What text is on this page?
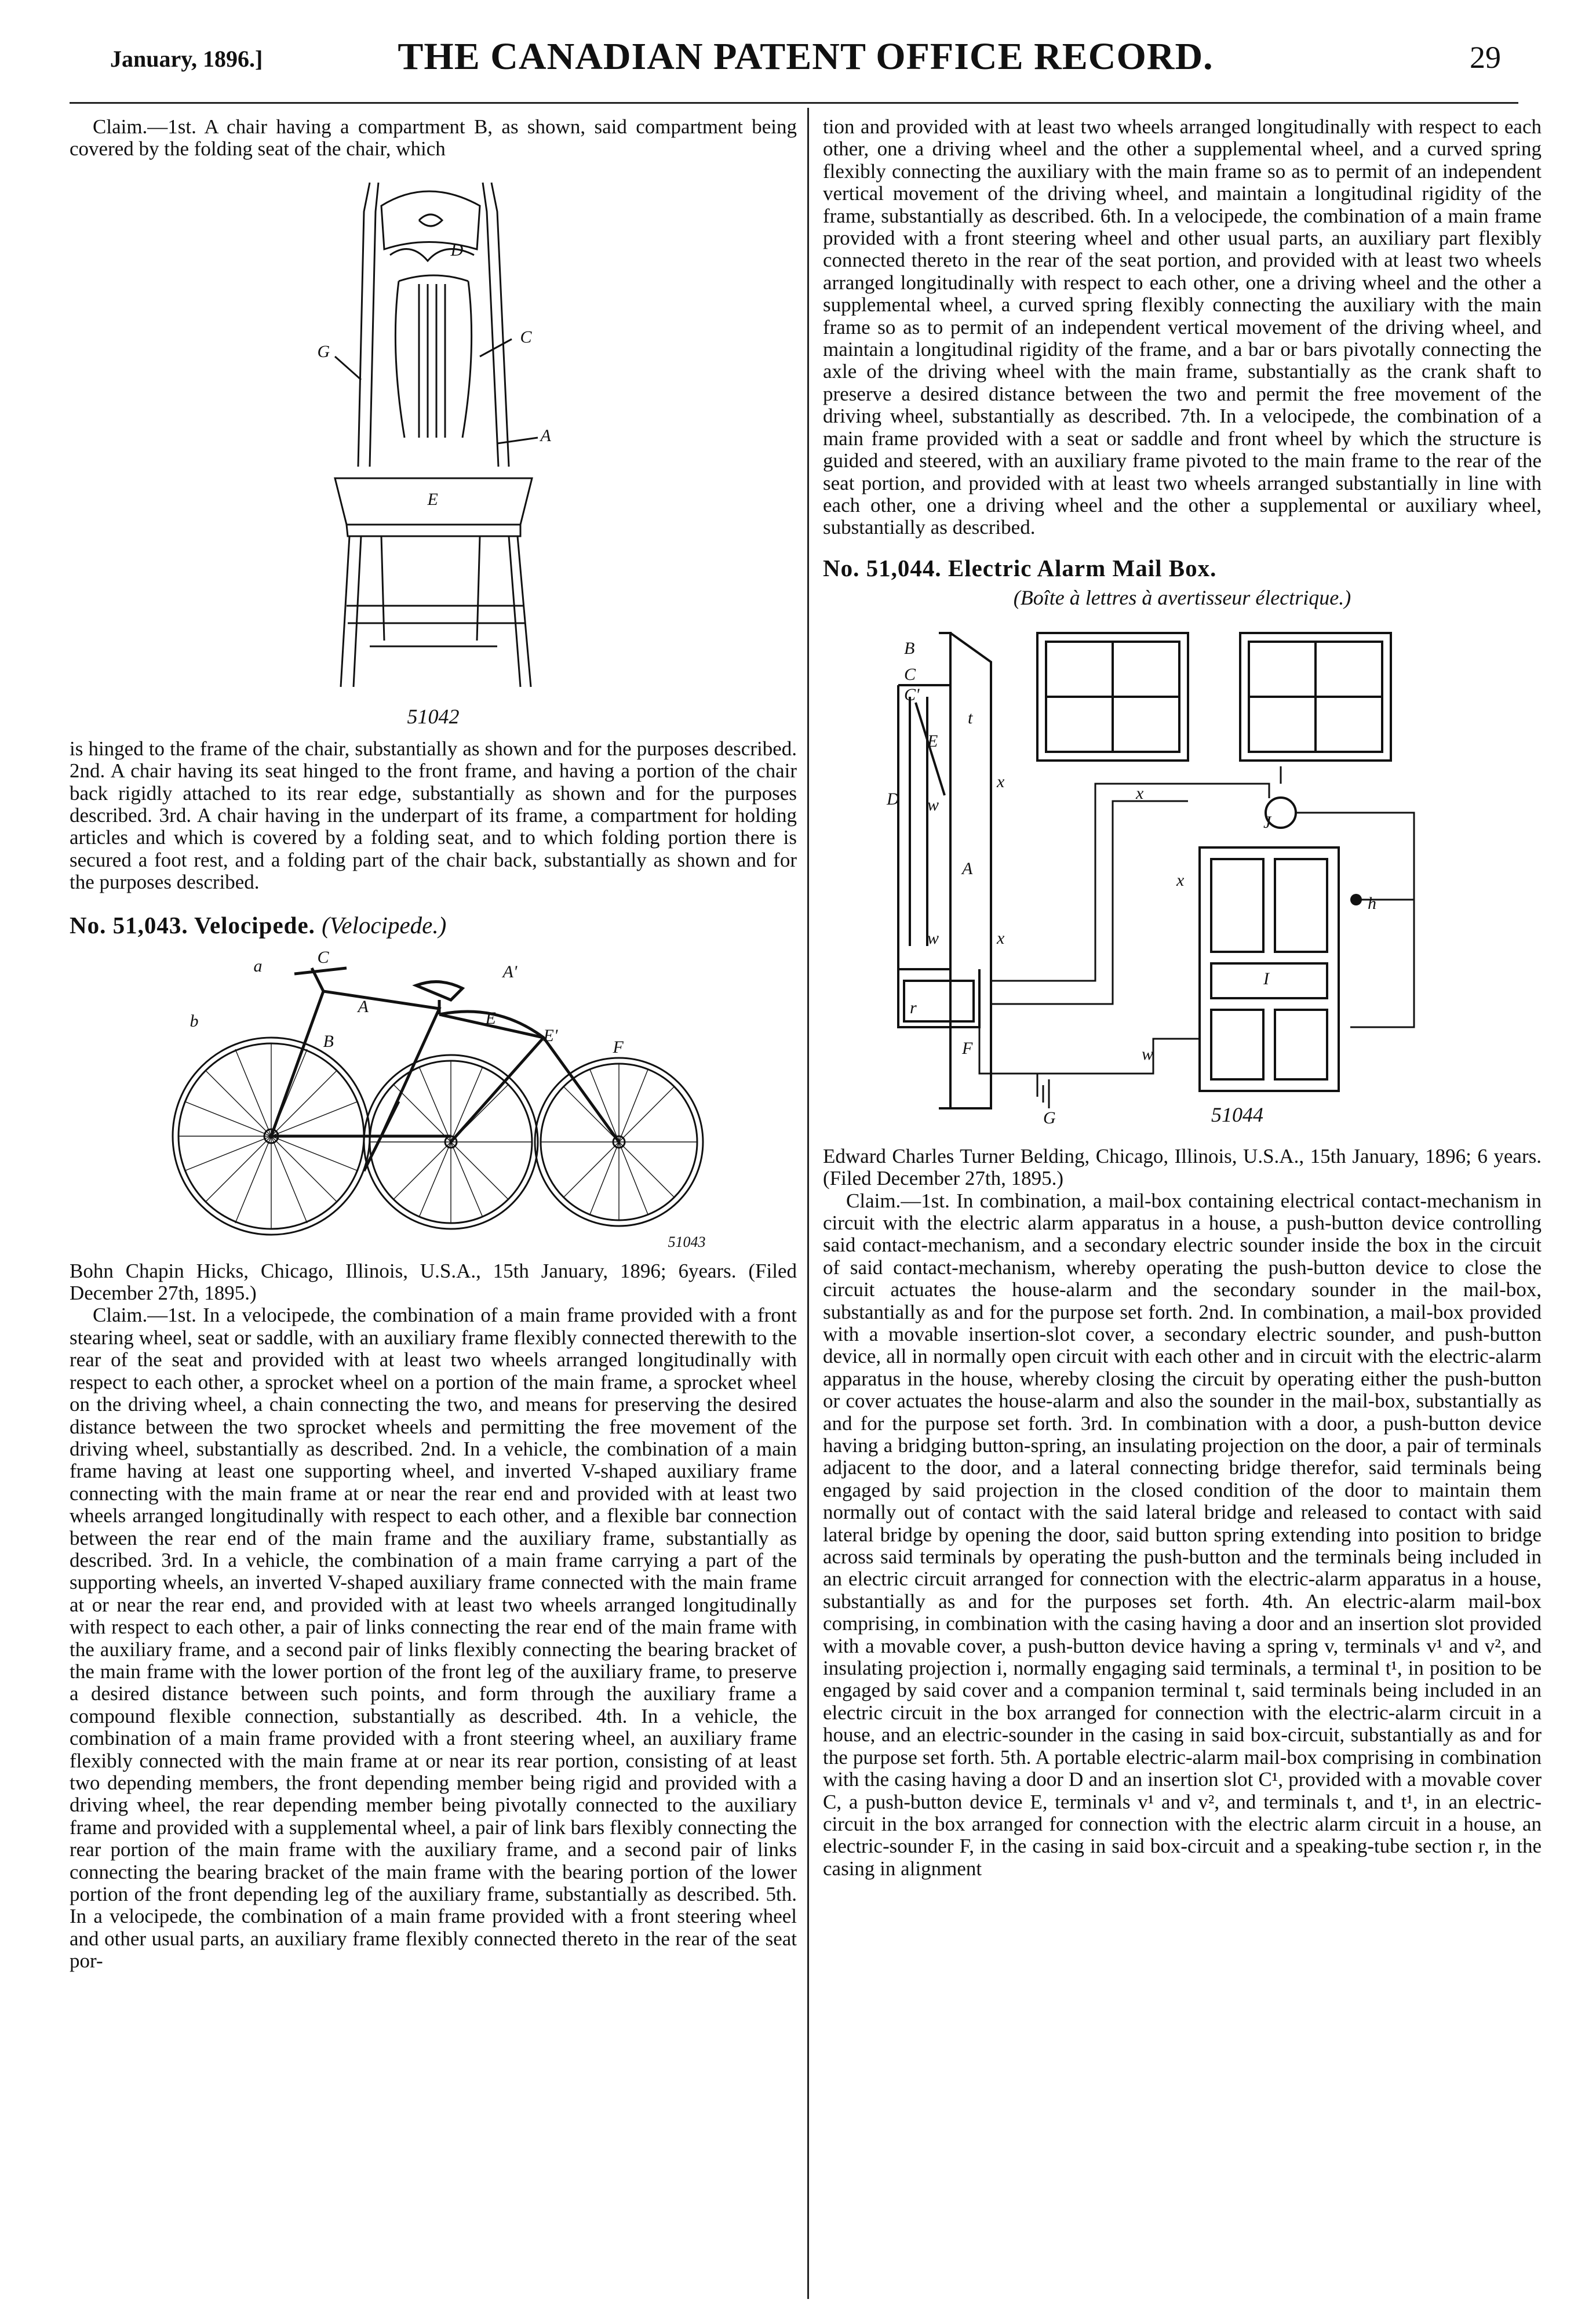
January, 1896.]	THE CANADIAN PATENT OFFICE RECORD.	29

Claim.—1st. A chair having a compartment B, as shown, said compartment being covered by the folding seat of the chair, which

D
C
G
A
E
51042

is hinged to the frame of the chair, substantially as shown and for the purposes described. 2nd. A chair having its seat hinged to the front frame, and having a portion of the chair back rigidly attached to its rear edge, substantially as shown and for the purposes described. 3rd. A chair having in the underpart of its frame, a compartment for holding articles and which is covered by a folding seat, and to which folding portion there is secured a foot rest, and a folding part of the chair back, substantially as shown and for the purposes described.

No. 51,043. Velocipede. (Velocipede.)

a	C
A'
b
B
E
E'
A
F
51043

Bohn Chapin Hicks, Chicago, Illinois, U.S.A., 15th January, 1896; 6years. (Filed December 27th, 1895.)

Claim.—1st. In a velocipede, the combination of a main frame provided with a front stearing wheel, seat or saddle, with an auxiliary frame flexibly connected therewith to the rear of the seat and provided with at least two wheels arranged longitudinally with respect to each other, a sprocket wheel on a portion of the main frame, a sprocket wheel on the driving wheel, a chain connecting the two, and means for preserving the desired distance between the two sprocket wheels and permitting the free movement of the driving wheel, substantially as described. 2nd. In a vehicle, the combination of a main frame having at least one supporting wheel, and inverted V-shaped auxiliary frame connecting with the main frame at or near the rear end and provided with at least two wheels arranged longitudinally with respect to each other, and a flexible bar connection between the rear end of the main frame and the auxiliary frame, substantially as described. 3rd. In a vehicle, the combination of a main frame carrying a part of the supporting wheels, an inverted V-shaped auxiliary frame connected with the main frame at or near the rear end, and provided with at least two wheels arranged longitudinally with respect to each other, a pair of links connecting the rear end of the main frame with the auxiliary frame, and a second pair of links flexibly connecting the bearing bracket of the main frame with the lower portion of the front leg of the auxiliary frame, to preserve a desired distance between such points, and form through the auxiliary frame a compound flexible connection, substantially as described. 4th. In a vehicle, the combination of a main frame provided with a front steering wheel, an auxiliary frame flexibly connected with the main frame at or near its rear portion, consisting of at least two depending members, the front depending member being rigid and provided with a driving wheel, the rear depending member being pivotally connected to the auxiliary frame and provided with a supplemental wheel, a pair of link bars flexibly connecting the rear portion of the main frame with the auxiliary frame, and a second pair of links connecting the bearing bracket of the main frame with the bearing portion of the lower portion of the front depending leg of the auxiliary frame, substantially as described. 5th. In a velocipede, the combination of a main frame provided with a front steering wheel and other usual parts, an auxiliary frame flexibly connected thereto in the rear of the seat por-

tion and provided with at least two wheels arranged longitudinally with respect to each other, one a driving wheel and the other a supplemental wheel, and a curved spring flexibly connecting the auxiliary with the main frame so as to permit of an independent vertical movement of the driving wheel, and maintain a longitudinal rigidity of the frame, substantially as described. 6th. In a velocipede, the combination of a main frame provided with a front steering wheel and other usual parts, an auxiliary part flexibly connected thereto in the rear of the seat portion, and provided with at least two wheels arranged longitudinally with respect to each other, one a driving wheel and the other a supplemental wheel, a curved spring flexibly connecting the auxiliary with the main frame so as to permit of an independent vertical movement of the driving wheel, and maintain a longitudinal rigidity of the frame, and a bar or bars pivotally connecting the axle of the driving wheel with the main frame, substantially as the crank shaft to preserve a desired distance between the two and permit the free movement of the driving wheel, substantially as described. 7th. In a velocipede, the combination of a main frame provided with a seat or saddle and front wheel by which the structure is guided and steered, with an auxiliary frame pivoted to the main frame to the rear of the seat portion, and provided with at least two wheels arranged substantially in line with each other, one a driving wheel and the other a supplemental or auxiliary wheel, substantially as described.

No. 51,044. Electric Alarm Mail Box.

(Boîte à lettres à avertisseur électrique.)

B
C
C'
E
t
D w
x
A
w	x
F
r
x
J
x
h
I
w
G	51044

Edward Charles Turner Belding, Chicago, Illinois, U.S.A., 15th January, 1896; 6 years. (Filed December 27th, 1895.)

Claim.—1st. In combination, a mail-box containing electrical contact-mechanism in circuit with the electric alarm apparatus in a house, a push-button device controlling said contact-mechanism, and a secondary electric sounder inside the box in the circuit of said contact-mechanism, whereby operating the push-button device to close the circuit actuates the house-alarm and the secondary sounder in the mail-box, substantially as and for the purpose set forth. 2nd. In combination, a mail-box provided with a movable insertion-slot cover, a secondary electric sounder, and push-button device, all in normally open circuit with each other and in circuit with the electric-alarm apparatus in the house, whereby closing the circuit by operating either the push-button or cover actuates the house-alarm and also the sounder in the mail-box, substantially as and for the purpose set forth. 3rd. In combination with a door, a push-button device having a bridging button-spring, an insulating projection on the door, a pair of terminals adjacent to the door, and a lateral connecting bridge therefor, said terminals being engaged by said projection in the closed condition of the door to maintain them normally out of contact with the said lateral bridge and released to contact with said lateral bridge by opening the door, said button spring extending into position to bridge across said terminals by operating the push-button and the terminals being included in an electric circuit arranged for connection with the electric-alarm apparatus in a house, substantially as and for the purposes set forth. 4th. An electric-alarm mail-box comprising, in combination with the casing having a door and an insertion slot provided with a movable cover, a push-button device having a spring v, terminals v¹ and v², and insulating projection i, normally engaging said terminals, a terminal t¹, in position to be engaged by said cover and a companion terminal t, said terminals being included in an electric circuit in the box arranged for connection with the electric-alarm circuit in a house, and an electric-sounder in the casing in said box-circuit, substantially as and for the purpose set forth. 5th. A portable electric-alarm mail-box comprising in combination with the casing having a door D and an insertion slot C¹, provided with a movable cover C, a push-button device E, terminals v¹ and v², and terminals t, and t¹, in an electric-circuit in the box arranged for connection with the electric alarm circuit in a house, an electric-sounder F, in the casing in said box-circuit and a speaking-tube section r, in the casing in alignment
